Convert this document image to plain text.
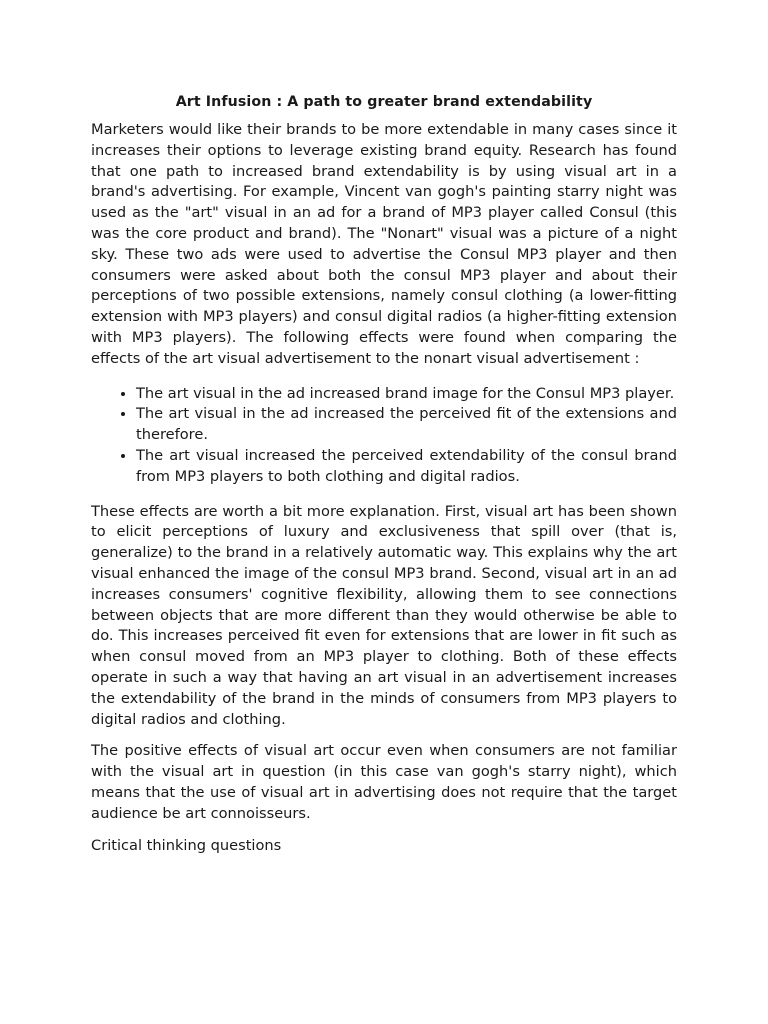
Art Infusion : A path to greater brand extendability

Marketers would like their brands to be more extendable in many cases since it increases their options to leverage existing brand equity. Research has found that one path to increased brand extendability is by using visual art in a brand's advertising. For example, Vincent van gogh's painting starry night was used as the "art" visual in an ad for a brand of MP3 player called Consul (this was the core product and brand). The "Nonart" visual was a picture of a night sky. These two ads were used to advertise the Consul MP3 player and then consumers were asked about both the consul MP3 player and about their perceptions of two possible extensions, namely consul clothing (a lower-fitting extension with MP3 players) and consul digital radios (a higher-fitting extension with MP3 players). The following effects were found when comparing the effects of the art visual advertisement to the nonart visual advertisement :

• The art visual in the ad increased brand image for the Consul MP3 player.
• The art visual in the ad increased the perceived fit of the extensions and therefore.
• The art visual increased the perceived extendability of the consul brand from MP3 players to both clothing and digital radios.

These effects are worth a bit more explanation. First, visual art has been shown to elicit perceptions of luxury and exclusiveness that spill over (that is, generalize) to the brand in a relatively automatic way. This explains why the art visual enhanced the image of the consul MP3 brand. Second, visual art in an ad increases consumers' cognitive flexibility, allowing them to see connections between objects that are more different than they would otherwise be able to do. This increases perceived fit even for extensions that are lower in fit such as when consul moved from an MP3 player to clothing. Both of these effects operate in such a way that having an art visual in an advertisement increases the extendability of the brand in the minds of consumers from MP3 players to digital radios and clothing.

The positive effects of visual art occur even when consumers are not familiar with the visual art in question (in this case van gogh's starry night), which means that the use of visual art in advertising does not require that the target audience be art connoisseurs.

Critical thinking questions
